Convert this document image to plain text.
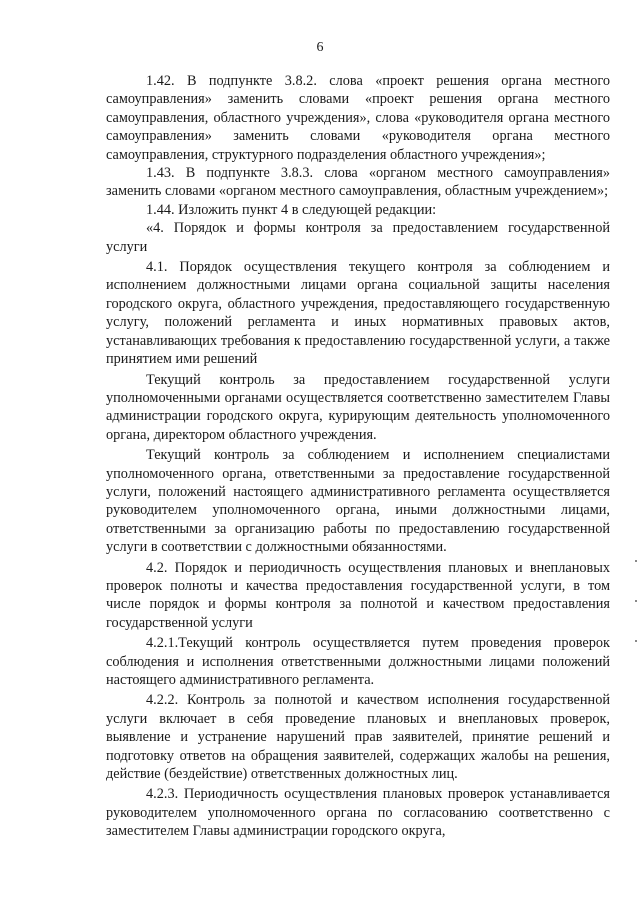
6

1.42. В подпункте 3.8.2. слова «проект решения органа местного самоуправления» заменить словами «проект решения органа местного самоуправления, областного учреждения», слова «руководителя органа местного самоуправления» заменить словами «руководителя органа местного самоуправления, структурного подразделения областного учреждения»;

1.43. В подпункте 3.8.3. слова «органом местного самоуправления» заменить словами «органом местного самоуправления, областным учреждением»;

1.44. Изложить пункт 4 в следующей редакции:

«4. Порядок и формы контроля за предоставлением государственной услуги

4.1. Порядок осуществления текущего контроля за соблюдением и исполнением должностными лицами органа социальной защиты населения городского округа, областного учреждения, предоставляющего государственную услугу, положений регламента и иных нормативных правовых актов, устанавливающих требования к предоставлению государственной услуги, а также принятием ими решений

Текущий контроль за предоставлением государственной услуги уполномоченными органами осуществляется соответственно заместителем Главы администрации городского округа, курирующим деятельность уполномоченного органа, директором областного учреждения.

Текущий контроль за соблюдением и исполнением специалистами уполномоченного органа, ответственными за предоставление государственной услуги, положений настоящего административного регламента осуществляется руководителем уполномоченного органа, иными должностными лицами, ответственными за организацию работы по предоставлению государственной услуги в соответствии с должностными обязанностями.

4.2. Порядок и периодичность осуществления плановых и внеплановых проверок полноты и качества предоставления государственной услуги, в том числе порядок и формы контроля за полнотой и качеством предоставления государственной услуги

4.2.1.Текущий контроль осуществляется путем проведения проверок соблюдения и исполнения ответственными должностными лицами положений настоящего административного регламента.

4.2.2. Контроль за полнотой и качеством исполнения государственной услуги включает в себя проведение плановых и внеплановых проверок, выявление и устранение нарушений прав заявителей, принятие решений и подготовку ответов на обращения заявителей, содержащих жалобы на решения, действие (бездействие) ответственных должностных лиц.

4.2.3. Периодичность осуществления плановых проверок устанавливается руководителем уполномоченного органа по согласованию соответственно с заместителем Главы администрации городского округа,
